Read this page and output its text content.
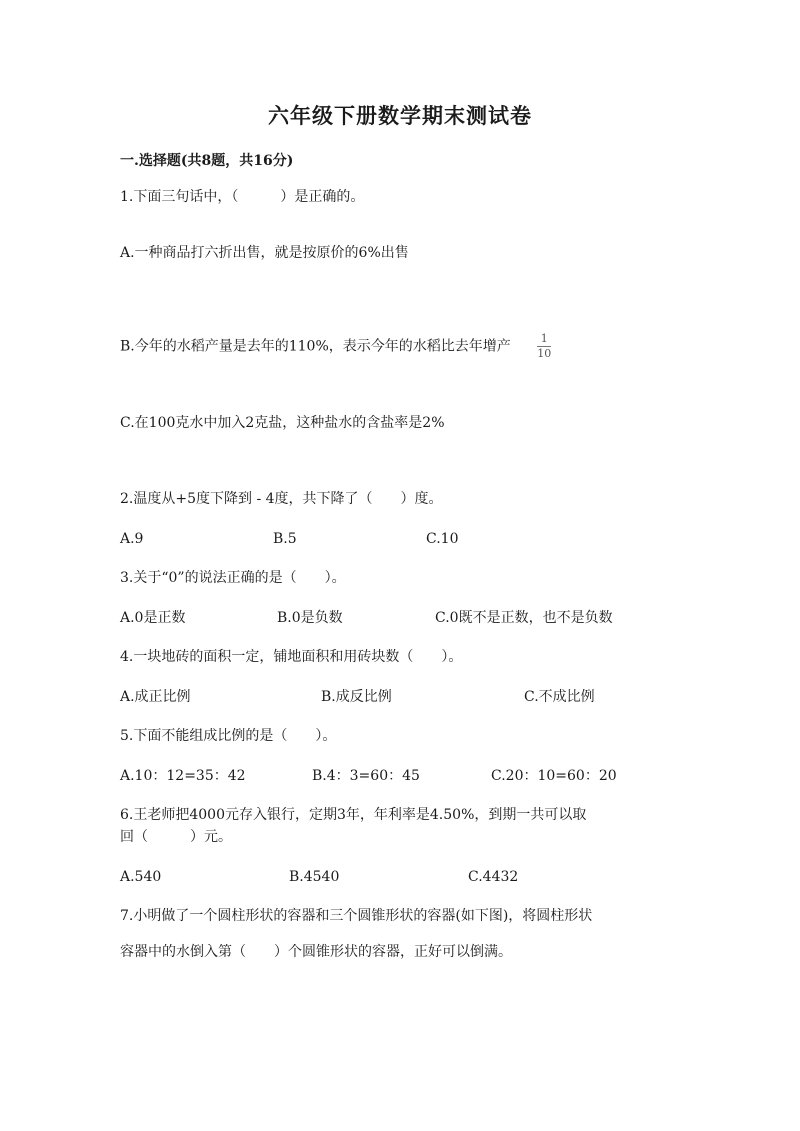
六年级下册数学期末测试卷
一.选择题(共8题，共16分)
1.下面三句话中，（　　　）是正确的。
A.一种商品打六折出售，就是按原价的6%出售
B.今年的水稻产量是去年的110%，表示今年的水稻比去年增产 $\frac{1}{10}$
C.在100克水中加入2克盐，这种盐水的含盐率是2%
2.温度从+5度下降到 - 4度，共下降了（　　）度。
A.9	B.5	C.10
3.关于“0”的说法正确的是（　　）。
A.0是正数	B.0是负数	C.0既不是正数，也不是负数
4.一块地砖的面积一定，铺地面积和用砖块数（　　）。
A.成正比例	B.成反比例	C.不成比例
5.下面不能组成比例的是（　　）。
A.10：12=35：42	B.4：3=60：45	C.20：10=60：20
6.王老师把4000元存入银行，定期3年，年利率是4.50%，到期一共可以取
回（　　　）元。
A.540	B.4540	C.4432
7.小明做了一个圆柱形状的容器和三个圆锥形状的容器(如下图)，将圆柱形状
容器中的水倒入第（　　）个圆锥形状的容器，正好可以倒满。
